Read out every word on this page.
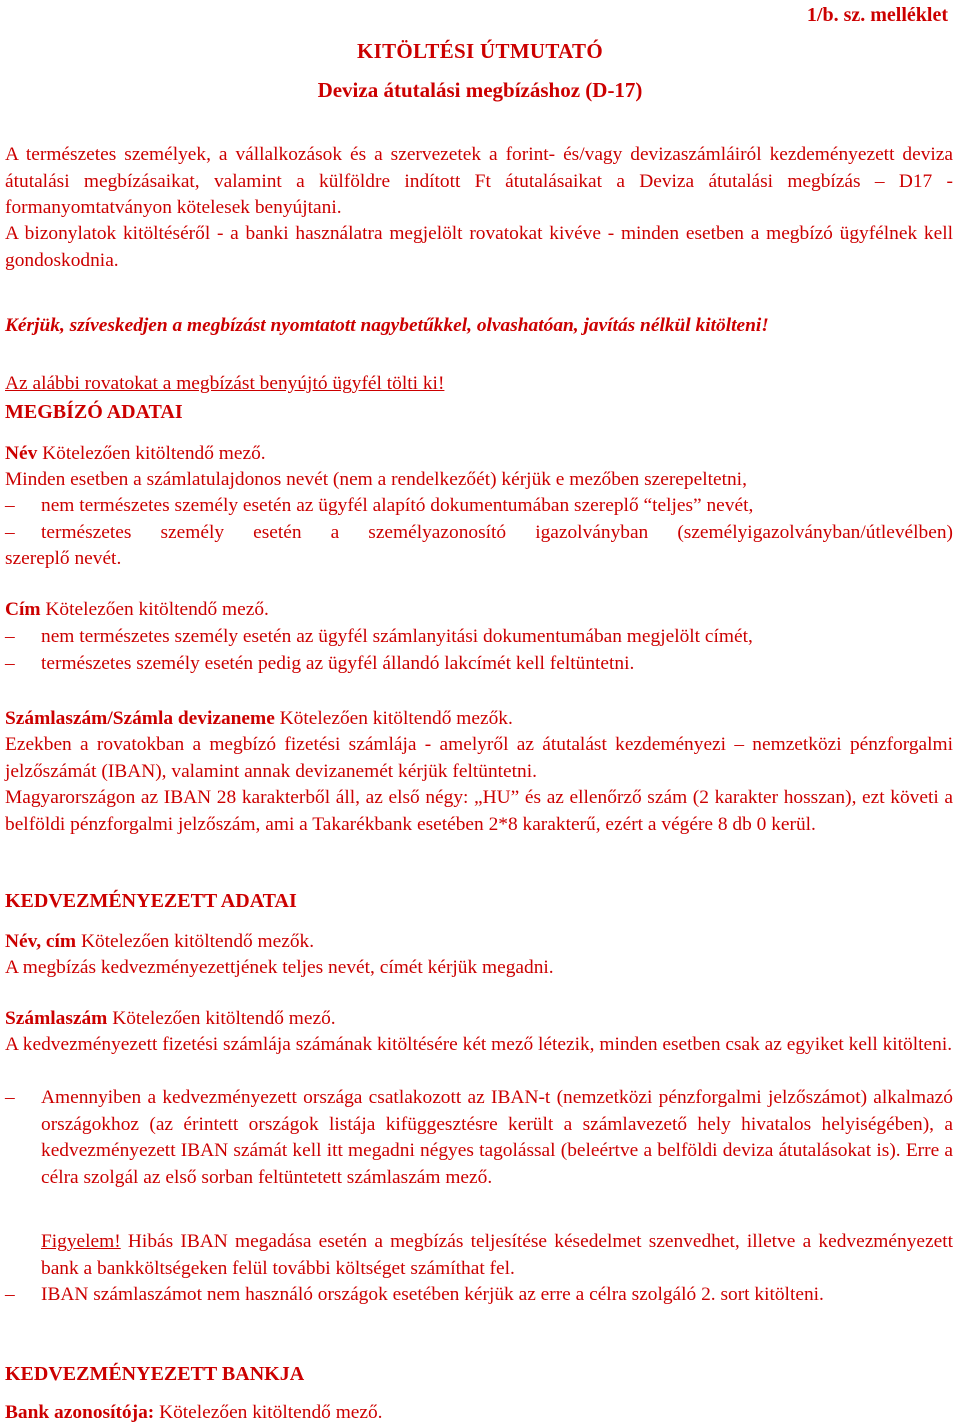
1/b. sz. melléklet
KITÖLTÉSI ÚTMUTATÓ
Deviza átutalási megbízáshoz (D-17)

A természetes személyek, a vállalkozások és a szervezetek a forint- és/vagy devizaszámláiról kezdeményezett deviza átutalási megbízásaikat, valamint a külföldre indított Ft átutalásaikat a Deviza átutalási megbízás – D17 - formanyomtatványon kötelesek benyújtani.

A bizonylatok kitöltéséről - a banki használatra megjelölt rovatokat kivéve - minden esetben a megbízó ügyfélnek kell gondoskodnia.

Kérjük, szíveskedjen a megbízást nyomtatott nagybetűkkel, olvashatóan, javítás nélkül kitölteni!

Az alábbi rovatokat a megbízást benyújtó ügyfél tölti ki!

MEGBÍZÓ ADATAI

Név Kötelezően kitöltendő mező.

Minden esetben a számlatulajdonos nevét (nem a rendelkezőét) kérjük e mezőben szerepeltetni,

–	nem természetes személy esetén az ügyfél alapító dokumentumában szereplő “teljes” nevét,
–	természetes személy esetén a személyazonosító igazolványban (személyigazolványban/útlevélben)

szereplő nevét.

Cím Kötelezően kitöltendő mező.

–	nem természetes személy esetén az ügyfél számlanyitási dokumentumában megjelölt címét,
–	természetes személy esetén pedig az ügyfél állandó lakcímét kell feltüntetni.

Számlaszám/Számla devizaneme Kötelezően kitöltendő mezők.

Ezekben a rovatokban a megbízó fizetési számlája - amelyről az átutalást kezdeményezi – nemzetközi pénzforgalmi jelzőszámát (IBAN), valamint annak devizanemét kérjük feltüntetni.

Magyarországon az IBAN 28 karakterből áll, az első négy: „HU” és az ellenőrző szám (2 karakter hosszan), ezt követi a belföldi pénzforgalmi jelzőszám, ami a Takarékbank esetében 2*8 karakterű, ezért a végére 8 db 0 kerül.

KEDVEZMÉNYEZETT ADATAI

Név, cím Kötelezően kitöltendő mezők.

A megbízás kedvezményezettjének teljes nevét, címét kérjük megadni.

Számlaszám Kötelezően kitöltendő mező.

A kedvezményezett fizetési számlája számának kitöltésére két mező létezik, minden esetben csak az egyiket kell kitölteni.

–	Amennyiben a kedvezményezett országa csatlakozott az IBAN-t (nemzetközi pénzforgalmi jelzőszámot) alkalmazó országokhoz (az érintett országok listája kifüggesztésre került a számlavezető hely hivatalos helyiségében), a kedvezményezett IBAN számát kell itt megadni négyes tagolással (beleértve a belföldi deviza átutalásokat is). Erre a célra szolgál az első sorban feltüntetett számlaszám mező.
Figyelem! Hibás IBAN megadása esetén a megbízás teljesítése késedelmet szenvedhet, illetve a kedvezményezett bank a bankköltségeken felül további költséget számíthat fel.
–	IBAN számlaszámot nem használó országok esetében kérjük az erre a célra szolgáló 2. sort kitölteni.
KEDVEZMÉNYEZETT BANKJA

Bank azonosítója: Kötelezően kitöltendő mező.
